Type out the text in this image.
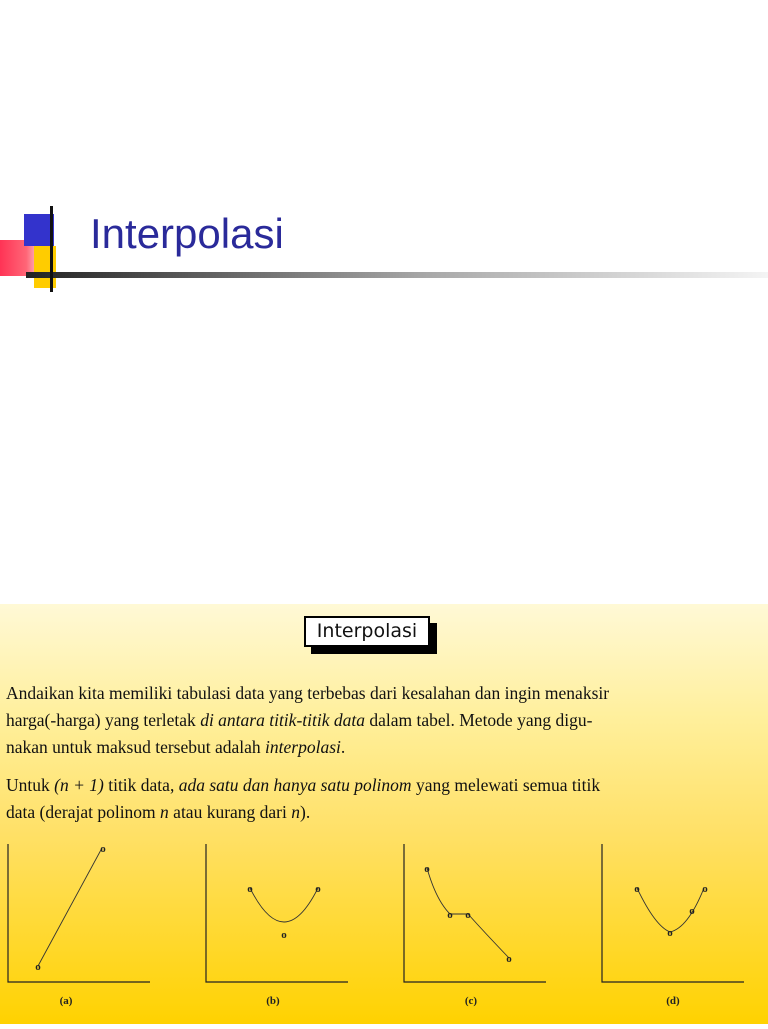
Interpolasi
Interpolasi

Andaikan kita memiliki tabulasi data yang terbebas dari kesalahan dan ingin menaksir
harga(-harga) yang terletak di antara titik-titik data dalam tabel. Metode yang digu-
nakan untuk maksud tersebut adalah interpolasi.

Untuk (n + 1) titik data, ada satu dan hanya satu polinom yang melewati semua titik
data (derajat polinom n atau kurang dari n).

o
o
o
o
o
o
o o
o
o
o
o
o
(a)	(b)	(c)	(d)
